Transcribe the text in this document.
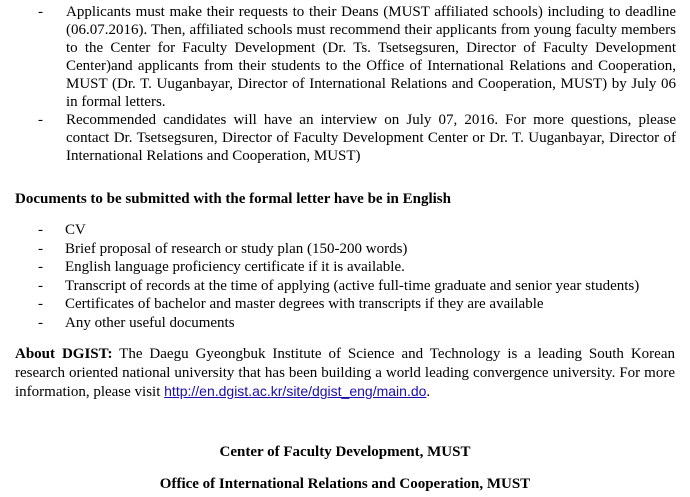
- Applicants must make their requests to their Deans (MUST affiliated schools) including to deadline (06.07.2016). Then, affiliated schools must recommend their applicants from young faculty members to the Center for Faculty Development (Dr. Ts. Tsetsegsuren, Director of Faculty Development Center)and applicants from their students to the Office of International Relations and Cooperation, MUST (Dr. T. Uuganbayar, Director of International Relations and Cooperation, MUST) by July 06 in formal letters.
- Recommended candidates will have an interview on July 07, 2016. For more questions, please contact Dr. Tsetsegsuren, Director of Faculty Development Center or Dr. T. Uuganbayar, Director of International Relations and Cooperation, MUST)
Documents to be submitted with the formal letter have be in English
- CV
- Brief proposal of research or study plan (150-200 words)
- English language proficiency certificate if it is available.
- Transcript of records at the time of applying (active full-time graduate and senior year students)
- Certificates of bachelor and master degrees with transcripts if they are available
- Any other useful documents

About DGIST: The Daegu Gyeongbuk Institute of Science and Technology is a leading South Korean research oriented national university that has been building a world leading convergence university. For more information, please visit http://en.dgist.ac.kr/site/dgist_eng/main.do.

Center of Faculty Development, MUST
Office of International Relations and Cooperation, MUST
